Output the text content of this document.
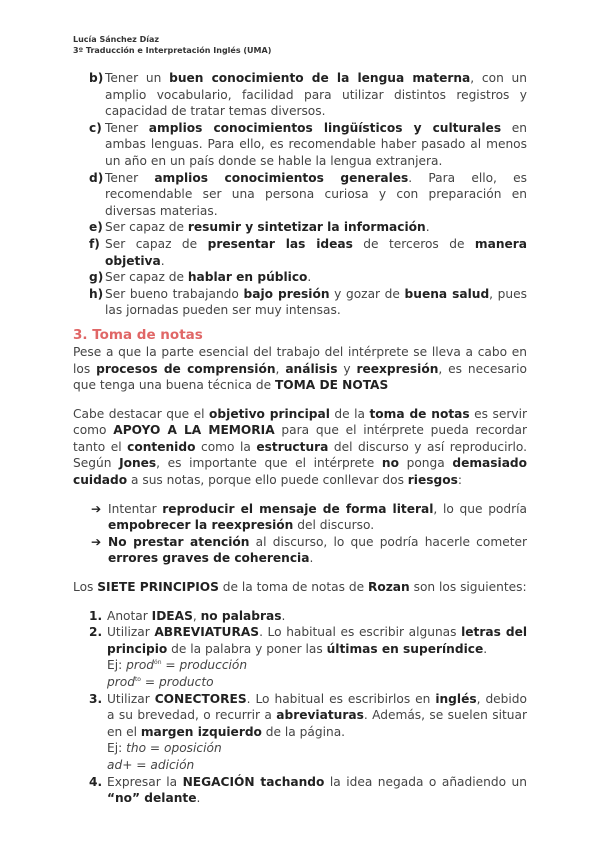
Lucía Sánchez Díaz
3º Traducción e Interpretación Inglés (UMA)
b) Tener un buen conocimiento de la lengua materna, con un amplio vocabulario, facilidad para utilizar distintos registros y capacidad de tratar temas diversos.
c) Tener amplios conocimientos lingüísticos y culturales en ambas lenguas. Para ello, es recomendable haber pasado al menos un año en un país donde se hable la lengua extranjera.
d) Tener amplios conocimientos generales. Para ello, es recomendable ser una persona curiosa y con preparación en diversas materias.
e) Ser capaz de resumir y sintetizar la información.
f) Ser capaz de presentar las ideas de terceros de manera objetiva.
g) Ser capaz de hablar en público.
h) Ser bueno trabajando bajo presión y gozar de buena salud, pues las jornadas pueden ser muy intensas.
3. Toma de notas

Pese a que la parte esencial del trabajo del intérprete se lleva a cabo en los procesos de comprensión, análisis y reexpresión, es necesario que tenga una buena técnica de TOMA DE NOTAS

Cabe destacar que el objetivo principal de la toma de notas es servir como APOYO A LA MEMORIA para que el intérprete pueda recordar tanto el contenido como la estructura del discurso y así reproducirlo. Según Jones, es importante que el intérprete no ponga demasiado cuidado a sus notas, porque ello puede conllevar dos riesgos:

➔ Intentar reproducir el mensaje de forma literal, lo que podría empobrecer la reexpresión del discurso.
➔ No prestar atención al discurso, lo que podría hacerle cometer errores graves de coherencia.

Los SIETE PRINCIPIOS de la toma de notas de Rozan son los siguientes:

1. Anotar IDEAS, no palabras.
2. Utilizar ABREVIATURAS. Lo habitual es escribir algunas letras del principio de la palabra y poner las últimas en superíndice.
Ej: prod$^{ón}$ = producción
prod$^{to}$ = producto
3. Utilizar CONECTORES. Lo habitual es escribirlos en inglés, debido a su brevedad, o recurrir a abreviaturas. Además, se suelen situar en el margen izquierdo de la página.
Ej: tho = oposición
ad+ = adición
4. Expresar la NEGACIÓN tachando la idea negada o añadiendo un “no” delante.
